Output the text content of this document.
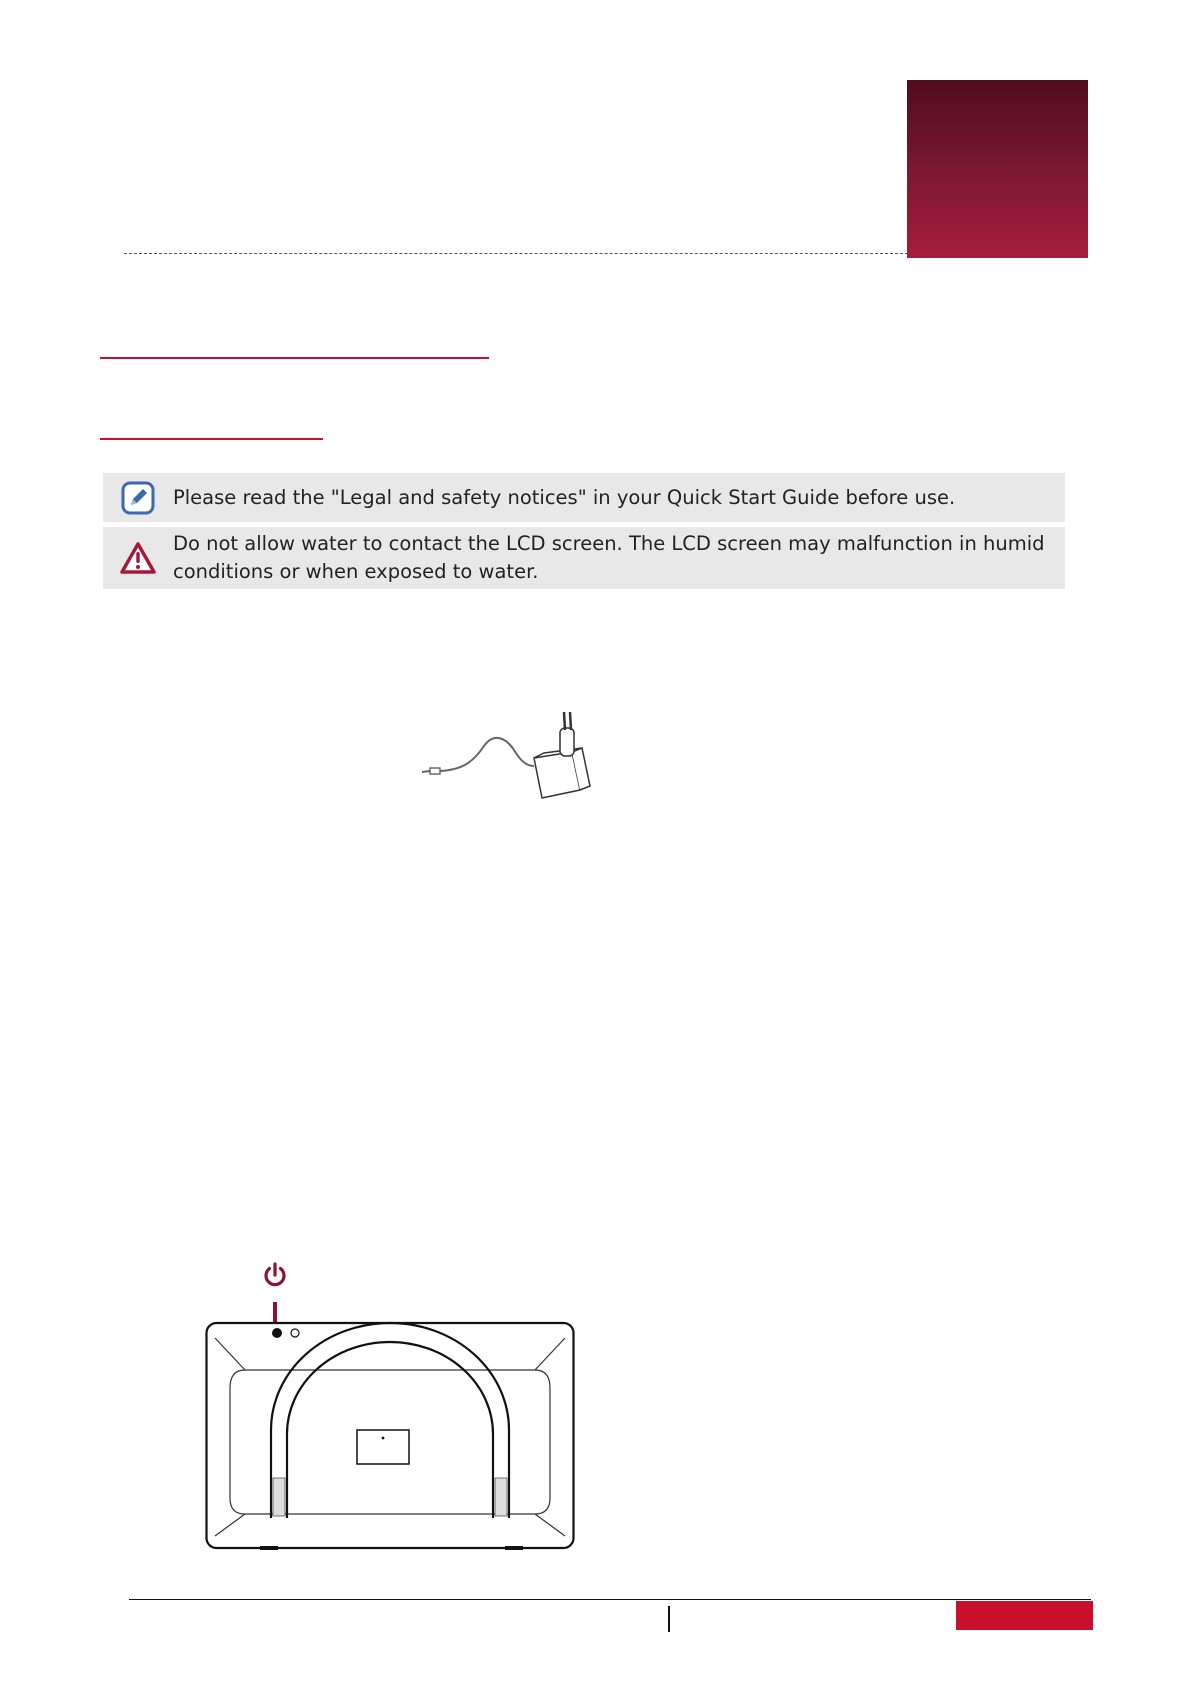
Please read the "Legal and safety notices" in your Quick Start Guide before use.
Do not allow water to contact the LCD screen. The LCD screen may malfunction in humid conditions or when exposed to water.
